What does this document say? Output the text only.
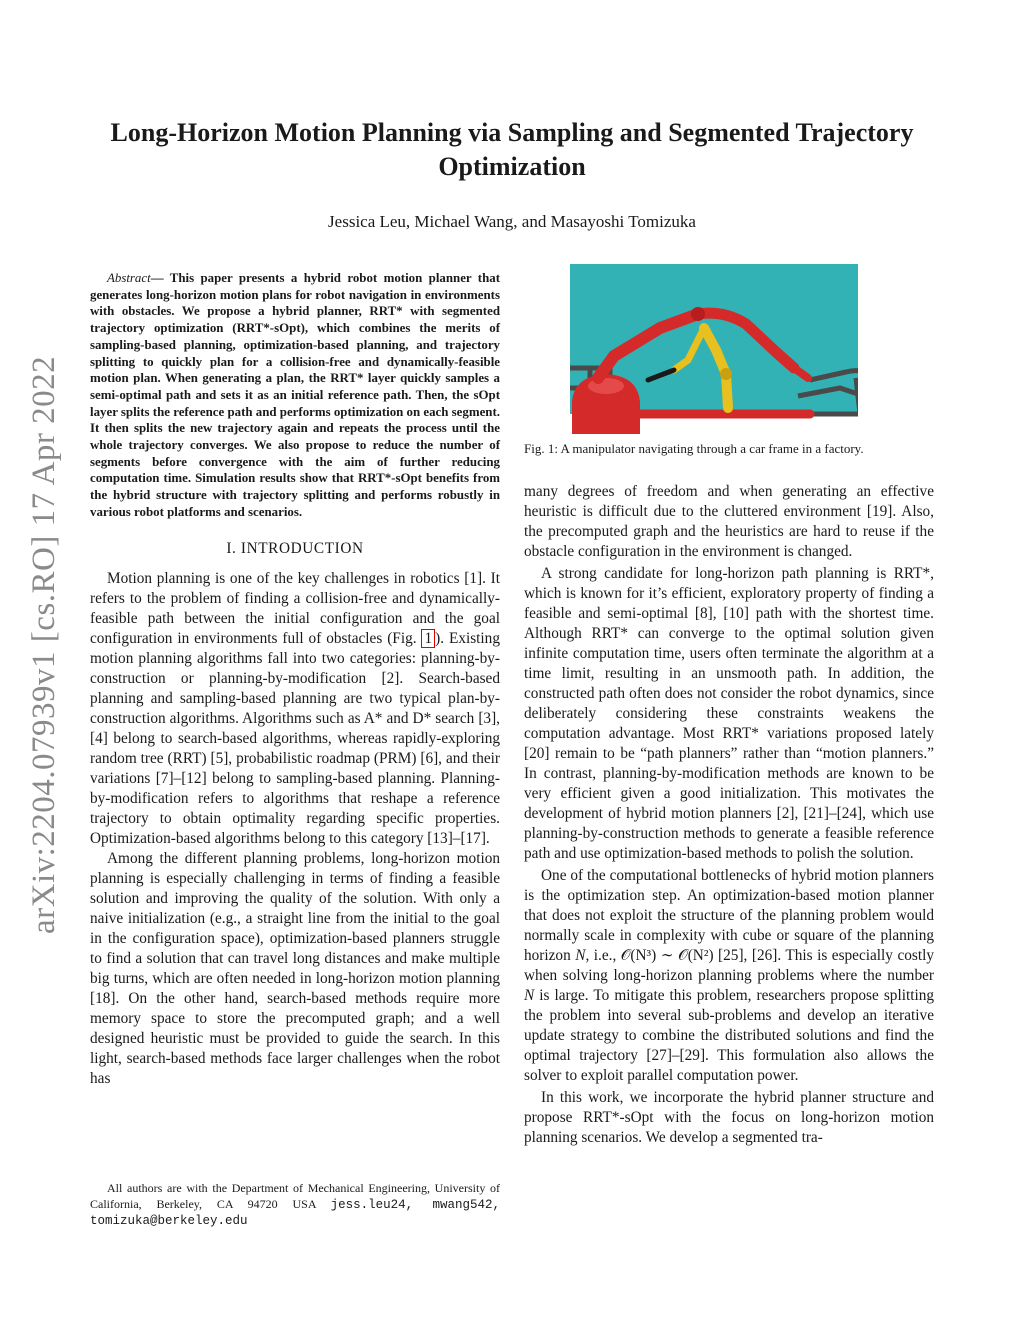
arXiv:2204.07939v1 [cs.RO] 17 Apr 2022
Long-Horizon Motion Planning via Sampling and Segmented Trajectory Optimization
Jessica Leu, Michael Wang, and Masayoshi Tomizuka

Abstract— This paper presents a hybrid robot motion planner that generates long-horizon motion plans for robot navigation in environments with obstacles. We propose a hybrid planner, RRT* with segmented trajectory optimization (RRT*-sOpt), which combines the merits of sampling-based planning, optimization-based planning, and trajectory splitting to quickly plan for a collision-free and dynamically-feasible motion plan. When generating a plan, the RRT* layer quickly samples a semi-optimal path and sets it as an initial reference path. Then, the sOpt layer splits the reference path and performs optimization on each segment. It then splits the new trajectory again and repeats the process until the whole trajectory converges. We also propose to reduce the number of segments before convergence with the aim of further reducing computation time. Simulation results show that RRT*-sOpt benefits from the hybrid structure with trajectory splitting and performs robustly in various robot platforms and scenarios.

I. INTRODUCTION

Motion planning is one of the key challenges in robotics [1]. It refers to the problem of finding a collision-free and dynamically-feasible path between the initial configuration and the goal configuration in environments full of obstacles (Fig. 1 ). Existing motion planning algorithms fall into two categories: planning-by-construction or planning-by-modification [2]. Search-based planning and sampling-based planning are two typical plan-by-construction algorithms. Algorithms such as A* and D* search [3], [4] belong to search-based algorithms, whereas rapidly-exploring random tree (RRT) [5], probabilistic roadmap (PRM) [6], and their variations [7]–[12] belong to sampling-based planning. Planning-by-modification refers to algorithms that reshape a reference trajectory to obtain optimality regarding specific properties. Optimization-based algorithms belong to this category [13]–[17].

Among the different planning problems, long-horizon motion planning is especially challenging in terms of finding a feasible solution and improving the quality of the solution. With only a naive initialization (e.g., a straight line from the initial to the goal in the configuration space), optimization-based planners struggle to find a solution that can travel long distances and make multiple big turns, which are often needed in long-horizon motion planning [18]. On the other hand, search-based methods require more memory space to store the precomputed graph; and a well designed heuristic must be provided to guide the search. In this light, search-based methods face larger challenges when the robot has

All authors are with the Department of Mechanical Engineering, University of California, Berkeley, CA 94720 USA jess.leu24, mwang542, tomizuka@berkeley.edu
Fig. 1: A manipulator navigating through a car frame in a factory.

many degrees of freedom and when generating an effective heuristic is difficult due to the cluttered environment [19]. Also, the precomputed graph and the heuristics are hard to reuse if the obstacle configuration in the environment is changed.

A strong candidate for long-horizon path planning is RRT*, which is known for it’s efficient, exploratory property of finding a feasible and semi-optimal [8], [10] path with the shortest time. Although RRT* can converge to the optimal solution given infinite computation time, users often terminate the algorithm at a time limit, resulting in an unsmooth path. In addition, the constructed path often does not consider the robot dynamics, since deliberately considering these constraints weakens the computation advantage. Most RRT* variations proposed lately [20] remain to be “path planners” rather than “motion planners.” In contrast, planning-by-modification methods are known to be very efficient given a good initialization. This motivates the development of hybrid motion planners [2], [21]–[24], which use planning-by-construction methods to generate a feasible reference path and use optimization-based methods to polish the solution.

One of the computational bottlenecks of hybrid motion planners is the optimization step. An optimization-based motion planner that does not exploit the structure of the planning problem would normally scale in complexity with cube or square of the planning horizon N, i.e., 𝒪(N³) ∼ 𝒪(N²) [25], [26]. This is especially costly when solving long-horizon planning problems where the number N is large. To mitigate this problem, researchers propose splitting the problem into several sub-problems and develop an iterative update strategy to combine the distributed solutions and find the optimal trajectory [27]–[29]. This formulation also allows the solver to exploit parallel computation power.

In this work, we incorporate the hybrid planner structure and propose RRT*-sOpt with the focus on long-horizon motion planning scenarios. We develop a segmented tra-
